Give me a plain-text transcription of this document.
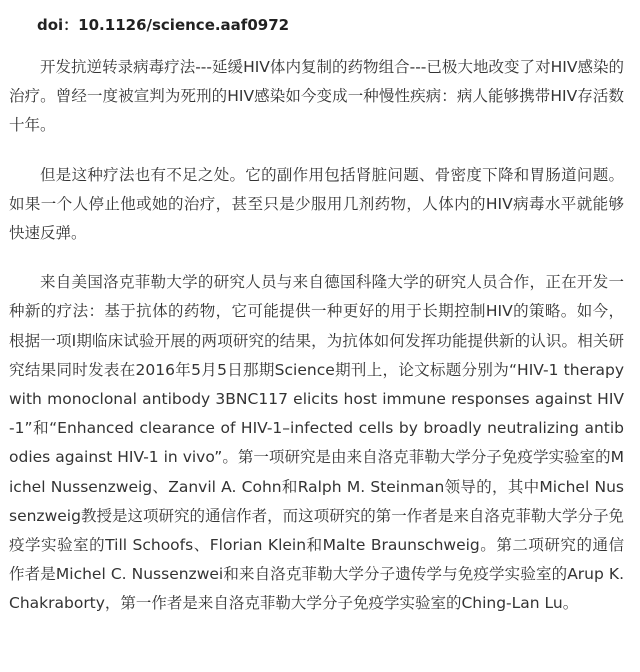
doi：10.1126/science.aaf0972

开发抗逆转录病毒疗法---延缓HIV体内复制的药物组合---已极大地改变了对HIV感染的治疗。曾经一度被宣判为死刑的HIV感染如今变成一种慢性疾病：病人能够携带HIV存活数十年。

但是这种疗法也有不足之处。它的副作用包括肾脏问题、骨密度下降和胃肠道问题。如果一个人停止他或她的治疗，甚至只是少服用几剂药物，人体内的HIV病毒水平就能够快速反弹。

来自美国洛克菲勒大学的研究人员与来自德国科隆大学的研究人员合作，正在开发一种新的疗法：基于抗体的药物，它可能提供一种更好的用于长期控制HIV的策略。如今，根据一项I期临床试验开展的两项研究的结果，为抗体如何发挥功能提供新的认识。相关研究结果同时发表在2016年5月5日那期Science期刊上，论文标题分别为“HIV-1 therapy with monoclonal antibody 3BNC117 elicits host immune responses against HIV-1”和“Enhanced clearance of HIV-1–infected cells by broadly neutralizing antibodies against HIV-1 in vivo”。第一项研究是由来自洛克菲勒大学分子免疫学实验室的Michel Nussenzweig、Zanvil A. Cohn和Ralph M. Steinman领导的，其中Michel Nussenzweig教授是这项研究的通信作者，而这项研究的第一作者是来自洛克菲勒大学分子免疫学实验室的Till Schoofs、Florian Klein和Malte Braunschweig。第二项研究的通信作者是Michel C. Nussenzwei和来自洛克菲勒大学分子遗传学与免疫学实验室的Arup K. Chakraborty，第一作者是来自洛克菲勒大学分子免疫学实验室的Ching-Lan Lu。
